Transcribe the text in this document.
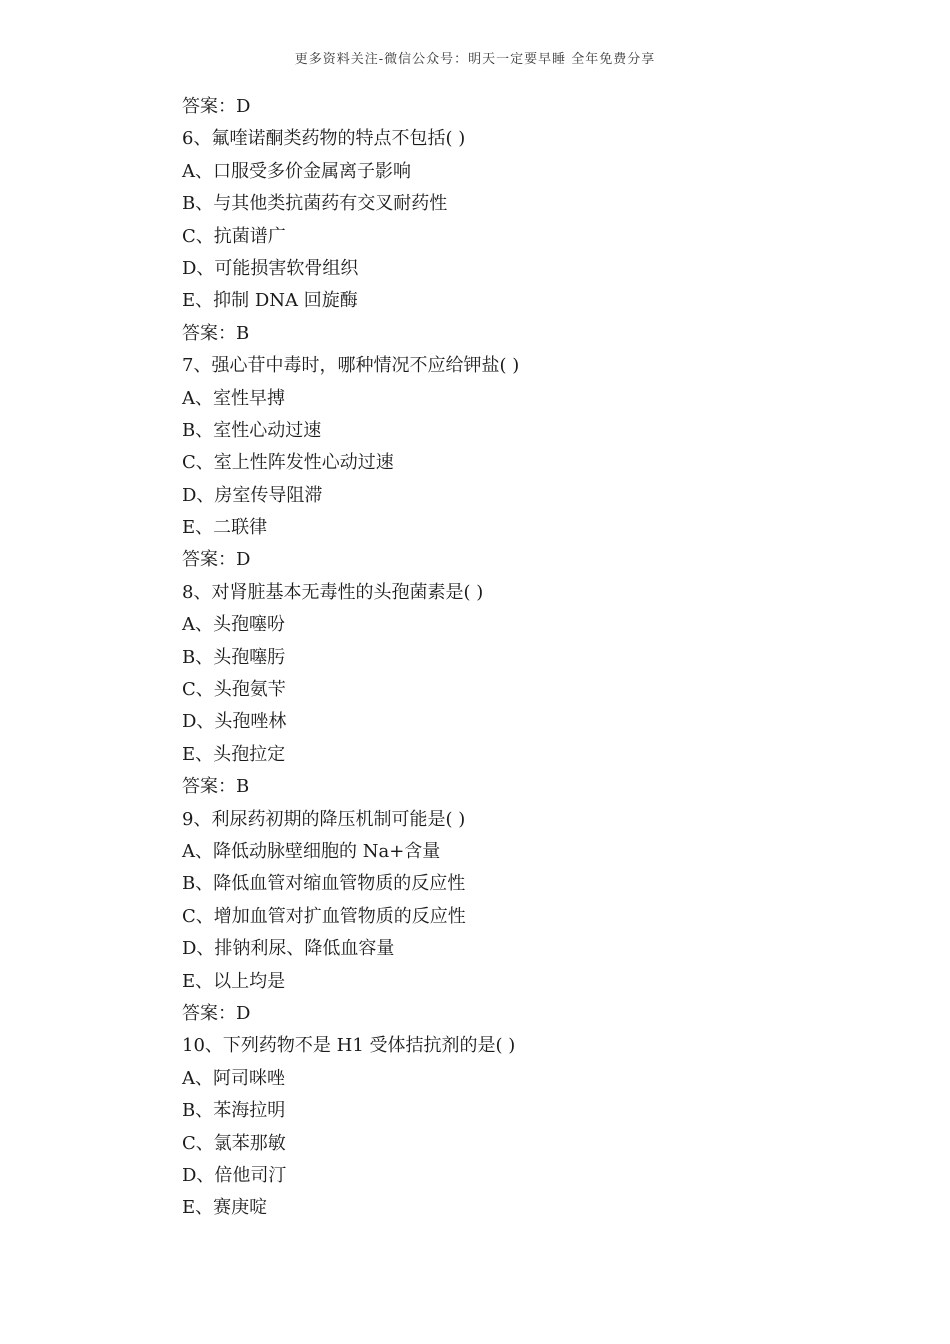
更多资料关注-微信公众号：明天一定要早睡 全年免费分享
答案：D
6、氟喹诺酮类药物的特点不包括( )
A、口服受多价金属离子影响
B、与其他类抗菌药有交叉耐药性
C、抗菌谱广
D、可能损害软骨组织
E、抑制 DNA 回旋酶
答案：B
7、强心苷中毒时，哪种情况不应给钾盐( )
A、室性早搏
B、室性心动过速
C、室上性阵发性心动过速
D、房室传导阻滞
E、二联律
答案：D
8、对肾脏基本无毒性的头孢菌素是( )
A、头孢噻吩
B、头孢噻肟
C、头孢氨苄
D、头孢唑林
E、头孢拉定
答案：B
9、利尿药初期的降压机制可能是( )
A、降低动脉壁细胞的 Na+含量
B、降低血管对缩血管物质的反应性
C、增加血管对扩血管物质的反应性
D、排钠利尿、降低血容量
E、以上均是
答案：D
10、下列药物不是 H1 受体拮抗剂的是( )
A、阿司咪唑
B、苯海拉明
C、氯苯那敏
D、倍他司汀
E、赛庚啶
